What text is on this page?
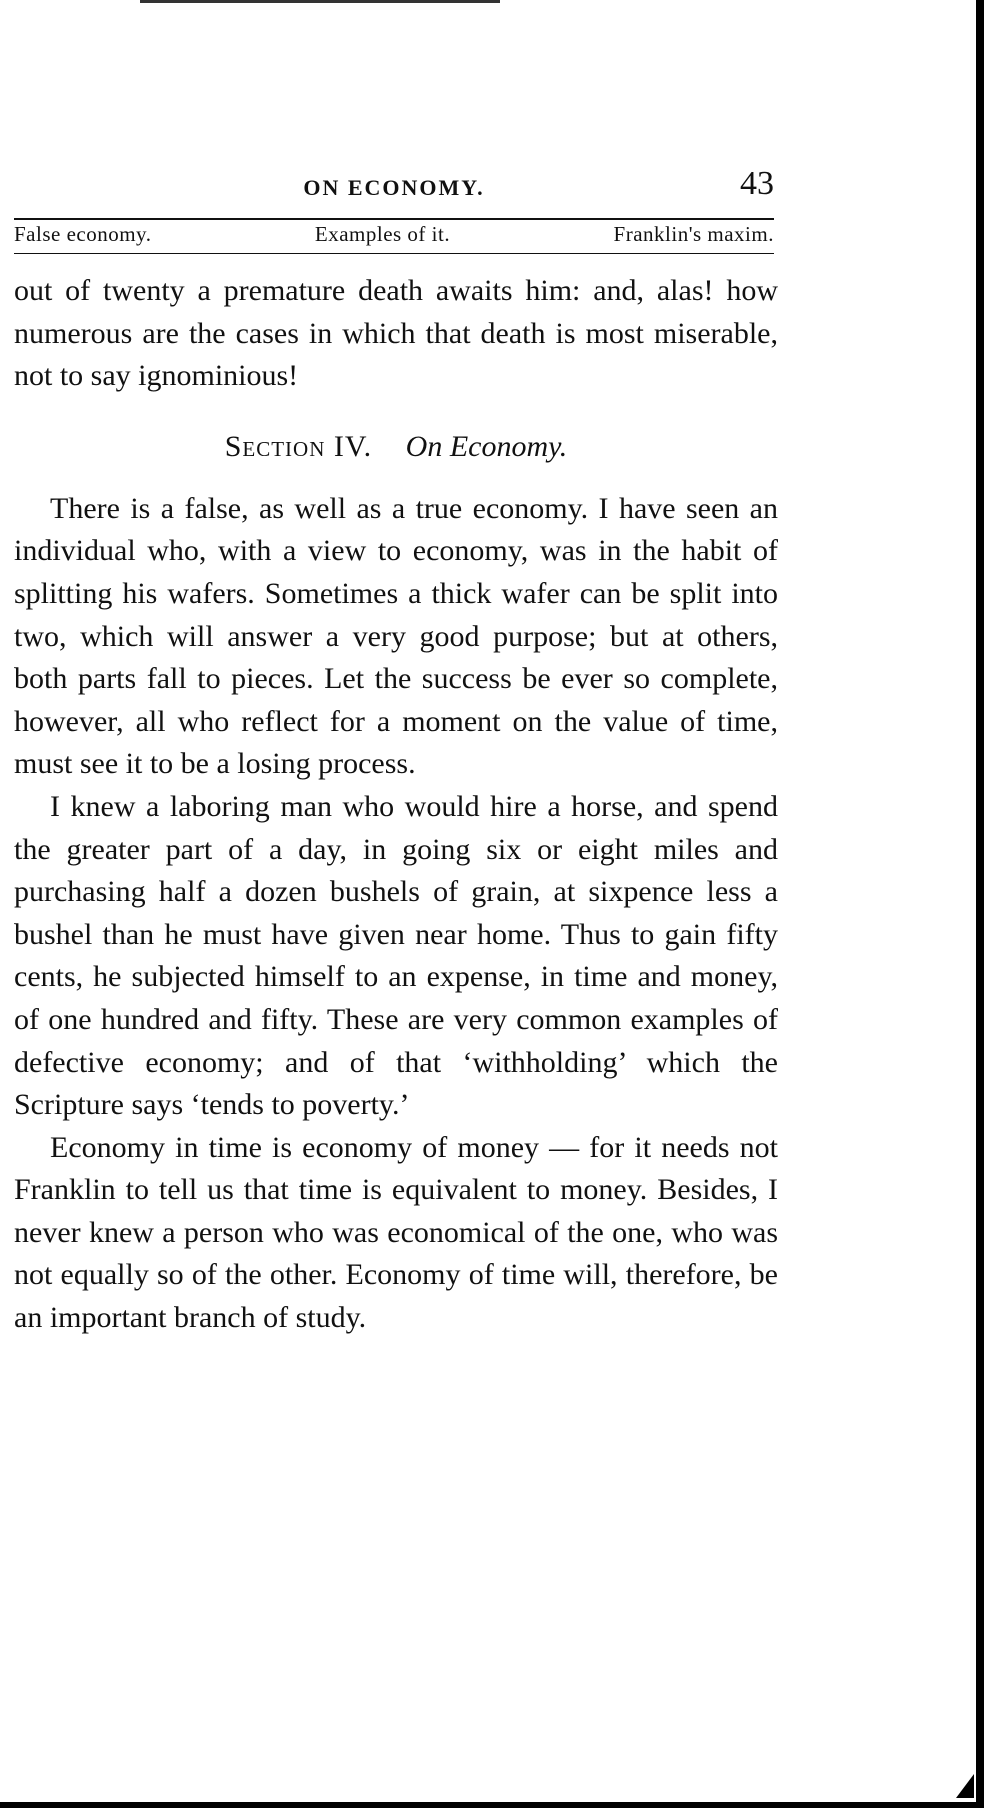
ON ECONOMY.	43
False economy.	Examples of it.	Franklin's maxim.

out of twenty a premature death awaits him: and, alas! how numerous are the cases in which that death is most miserable, not to say ignominious!

Section IV. On Economy.

There is a false, as well as a true economy. I have seen an individual who, with a view to economy, was in the habit of splitting his wafers. Sometimes a thick wafer can be split into two, which will answer a very good purpose; but at others, both parts fall to pieces. Let the success be ever so complete, however, all who reflect for a moment on the value of time, must see it to be a losing process.

I knew a laboring man who would hire a horse, and spend the greater part of a day, in going six or eight miles and purchasing half a dozen bushels of grain, at sixpence less a bushel than he must have given near home. Thus to gain fifty cents, he subjected himself to an expense, in time and money, of one hundred and fifty. These are very common examples of defective economy; and of that ‘withholding’ which the Scripture says ‘tends to poverty.’

Economy in time is economy of money — for it needs not Franklin to tell us that time is equivalent to money. Besides, I never knew a person who was economical of the one, who was not equally so of the other. Economy of time will, therefore, be an important branch of study.
